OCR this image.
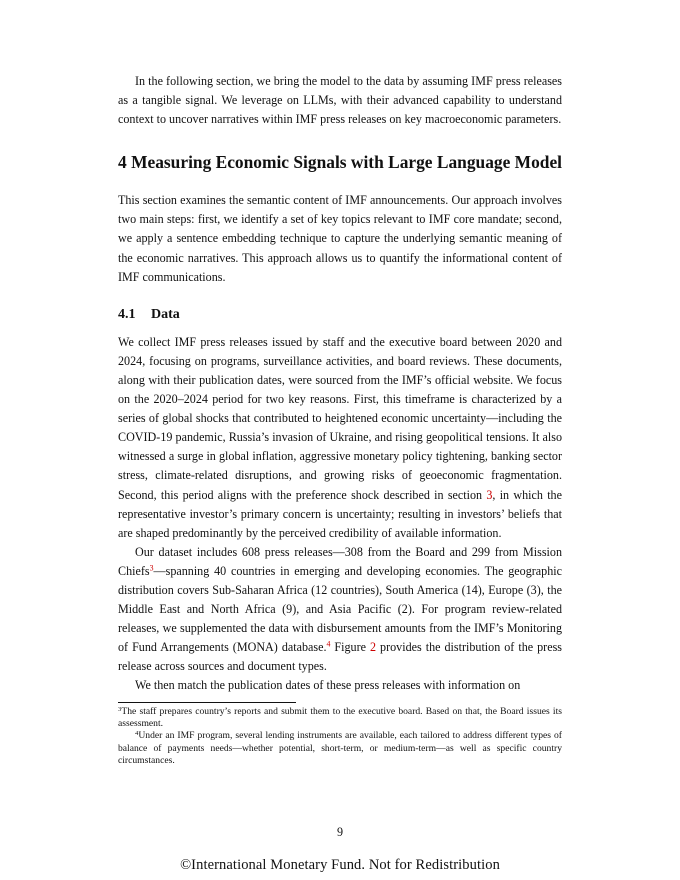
In the following section, we bring the model to the data by assuming IMF press releases as a tangible signal. We leverage on LLMs, with their advanced capability to understand context to uncover narratives within IMF press releases on key macroeconomic parameters.

4 Measuring Economic Signals with Large Language Model

This section examines the semantic content of IMF announcements. Our approach involves two main steps: first, we identify a set of key topics relevant to IMF core mandate; second, we apply a sentence embedding technique to capture the underlying semantic meaning of the economic narratives. This approach allows us to quantify the informational content of IMF communications.

4.1	Data

We collect IMF press releases issued by staff and the executive board between 2020 and 2024, focusing on programs, surveillance activities, and board reviews. These documents, along with their publication dates, were sourced from the IMF’s official website. We focus on the 2020–2024 period for two key reasons. First, this timeframe is characterized by a series of global shocks that contributed to heightened economic uncertainty—including the COVID-19 pandemic, Russia’s invasion of Ukraine, and rising geopolitical tensions. It also witnessed a surge in global inflation, aggressive monetary policy tightening, banking sector stress, climate-related disruptions, and growing risks of geoeconomic fragmentation. Second, this period aligns with the preference shock described in section 3, in which the representative investor’s primary concern is uncertainty; resulting in investors’ beliefs that are shaped predominantly by the perceived credibility of available information.

Our dataset includes 608 press releases—308 from the Board and 299 from Mission Chiefs$^3$—spanning 40 countries in emerging and developing economies. The geographic distribution covers Sub-Saharan Africa (12 countries), South America (14), Europe (3), the Middle East and North Africa (9), and Asia Pacific (2). For program review-related releases, we supplemented the data with disbursement amounts from the IMF’s Monitoring of Fund Arrangements (MONA) database.$^4$ Figure 2 provides the distribution of the press release across sources and document types.

We then match the publication dates of these press releases with information on

$^3$The staff prepares country’s reports and submit them to the executive board. Based on that, the Board issues its assessment.

$^4$Under an IMF program, several lending instruments are available, each tailored to address different types of balance of payments needs—whether potential, short-term, or medium-term—as well as specific country circumstances.

9
©International Monetary Fund. Not for Redistribution
